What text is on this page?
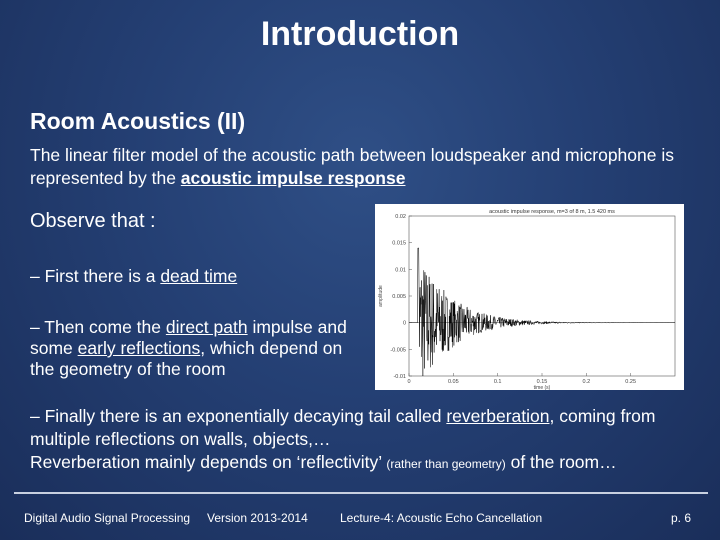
Introduction
Room Acoustics (II)
The linear filter model of the acoustic path between loudspeaker and microphone is represented by the acoustic impulse response
Observe that :
– First there is a dead time
– Then come the direct path impulse and some early reflections, which depend on the geometry of the room
– Finally there is an exponentially decaying tail called reverberation, coming from multiple reflections on walls, objects,…
Reverberation mainly depends on ‘reflectivity’ (rather than geometry) of the room…
acoustic impulse response, m=3 of 8 m, 1.5 420 ms
0.02
0.015
0.01
0.005
0
-0.005
-0.01
0	0.05	0.1	0.15	0.2	0.25
time (s)
amplitude
Digital Audio Signal Processing Version 2013-2014	Lecture-4: Acoustic Echo Cancellation	p. 6
